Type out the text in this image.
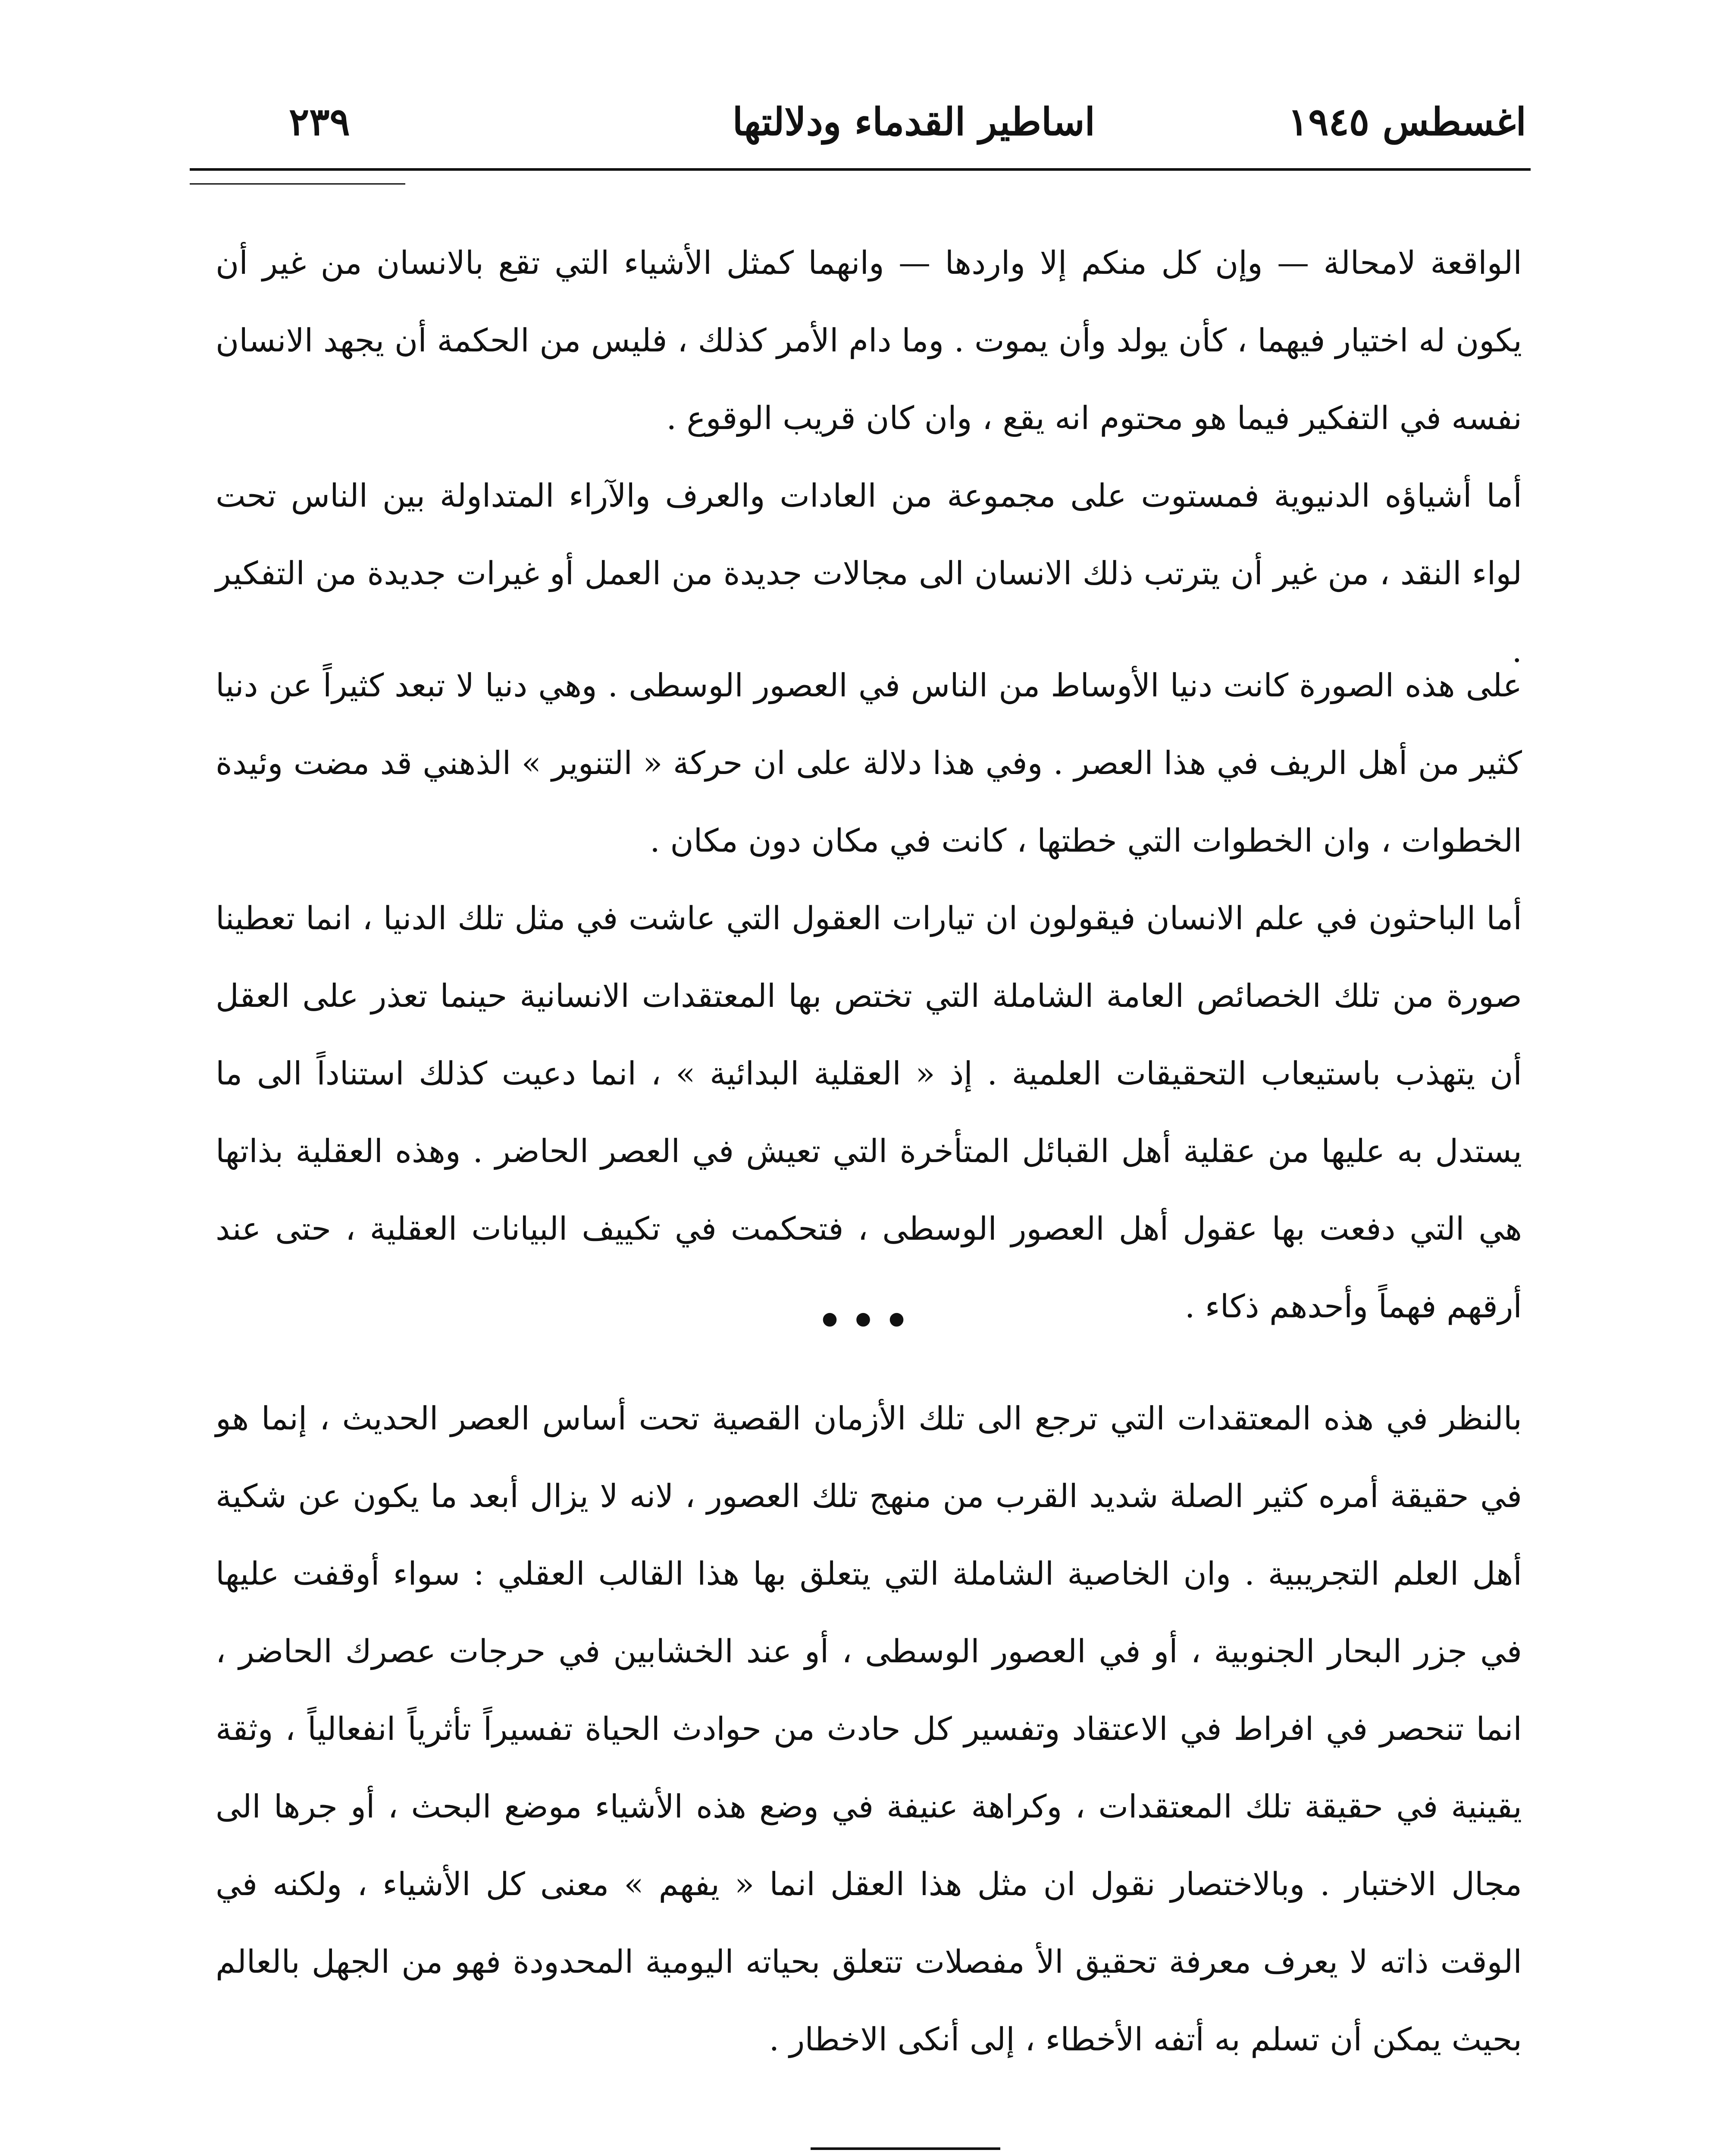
اغسطس ١٩٤٥
اساطير القدماء ودلالتها
٢٣٩

الواقعة لامحالة — وإن كل منكم إلا واردها — وانهما كمثل الأشياء التي تقع بالانسان من غير أن يكون له اختيار فيهما ، كأن يولد وأن يموت . وما دام الأمر كذلك ، فليس من الحكمة أن يجهد الانسان نفسه في التفكير فيما هو محتوم انه يقع ، وان كان قريب الوقوع .

أما أشياؤه الدنيوية فمستوت على مجموعة من العادات والعرف والآراء المتداولة بين الناس تحت لواء النقد ، من غير أن يترتب ذلك الانسان الى مجالات جديدة من العمل أو غيرات جديدة من التفكير .

على هذه الصورة كانت دنيا الأوساط من الناس في العصور الوسطى . وهي دنيا لا تبعد كثيراً عن دنيا كثير من أهل الريف في هذا العصر . وفي هذا دلالة على ان حركة « التنوير » الذهني قد مضت وئيدة الخطوات ، وان الخطوات التي خطتها ، كانت في مكان دون مكان .

أما الباحثون في علم الانسان فيقولون ان تيارات العقول التي عاشت في مثل تلك الدنيا ، انما تعطينا صورة من تلك الخصائص العامة الشاملة التي تختص بها المعتقدات الانسانية حينما تعذر على العقل أن يتهذب باستيعاب التحقيقات العلمية . إذ « العقلية البدائية » ، انما دعيت كذلك استناداً الى ما يستدل به عليها من عقلية أهل القبائل المتأخرة التي تعيش في العصر الحاضر . وهذه العقلية بذاتها هي التي دفعت بها عقول أهل العصور الوسطى ، فتحكمت في تكييف البيانات العقلية ، حتى عند أرقهم فهماً وأحدهم ذكاء .

•••

بالنظر في هذه المعتقدات التي ترجع الى تلك الأزمان القصية تحت أساس العصر الحديث ، إنما هو في حقيقة أمره كثير الصلة شديد القرب من منهج تلك العصور ، لانه لا يزال أبعد ما يكون عن شكية أهل العلم التجريبية . وان الخاصية الشاملة التي يتعلق بها هذا القالب العقلي : سواء أوقفت عليها في جزر البحار الجنوبية ، أو في العصور الوسطى ، أو عند الخشابين في حرجات عصرك الحاضر ، انما تنحصر في افراط في الاعتقاد وتفسير كل حادث من حوادث الحياة تفسيراً تأثرياً انفعالياً ، وثقة يقينية في حقيقة تلك المعتقدات ، وكراهة عنيفة في وضع هذه الأشياء موضع البحث ، أو جرها الى مجال الاختبار . وبالاختصار نقول ان مثل هذا العقل انما « يفهم » معنى كل الأشياء ، ولكنه في الوقت ذاته لا يعرف معرفة تحقيق الأ مفصلات تتعلق بحياته اليومية المحدودة فهو من الجهل بالعالم بحيث يمكن أن تسلم به أتفه الأخطاء ، إلى أنكى الاخطار .
